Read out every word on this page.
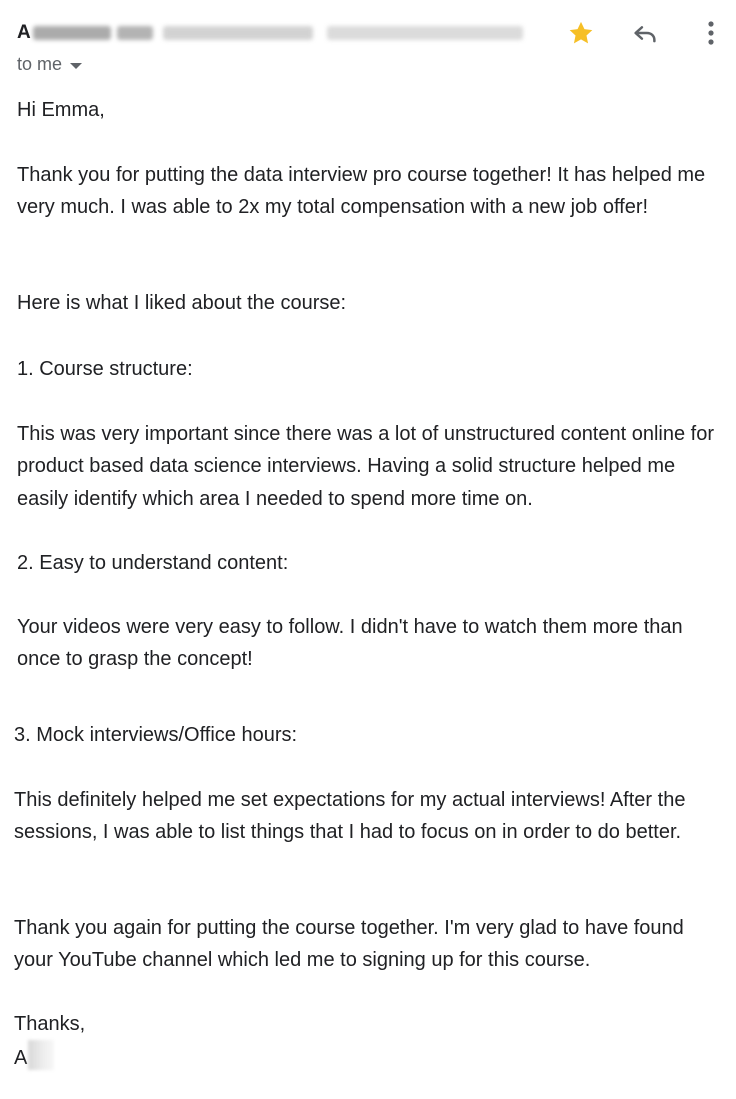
A
to me
Hi Emma,
Thank you for putting the data interview pro course together! It has helped me very much. I was able to 2x my total compensation with a new job offer!
Here is what I liked about the course:
1. Course structure:
This was very important since there was a lot of unstructured content online for product based data science interviews. Having a solid structure helped me easily identify which area I needed to spend more time on.
2. Easy to understand content:
Your videos were very easy to follow. I didn't have to watch them more than once to grasp the concept!
3. Mock interviews/Office hours:
This definitely helped me set expectations for my actual interviews! After the sessions, I was able to list things that I had to focus on in order to do better.
Thank you again for putting the course together. I'm very glad to have found your YouTube channel which led me to signing up for this course.
Thanks,
A
